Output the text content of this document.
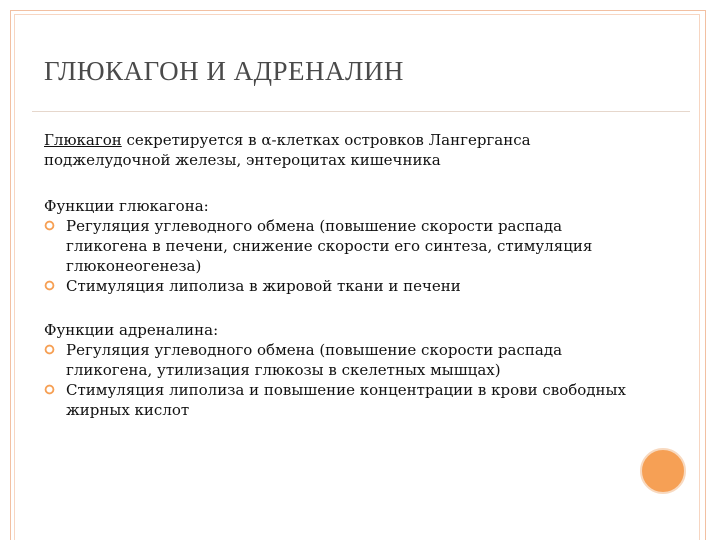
ГЛЮКАГОН И АДРЕНАЛИН

Глюкагон секретируется в α-клетках островков Лангерганса
поджелудочной железы, энтероцитах кишечника

Функции глюкагона:

Регуляция углеводного обмена (повышение скорости распада гликогена в печени, снижение скорости его синтеза, стимуляция глюконеогенеза)
Стимуляция липолиза в жировой ткани и печени

Функции адреналина:

Регуляция углеводного обмена (повышение скорости распада гликогена, утилизация глюкозы в скелетных мышцах)
Стимуляция липолиза и повышение концентрации в крови свободных жирных кислот
